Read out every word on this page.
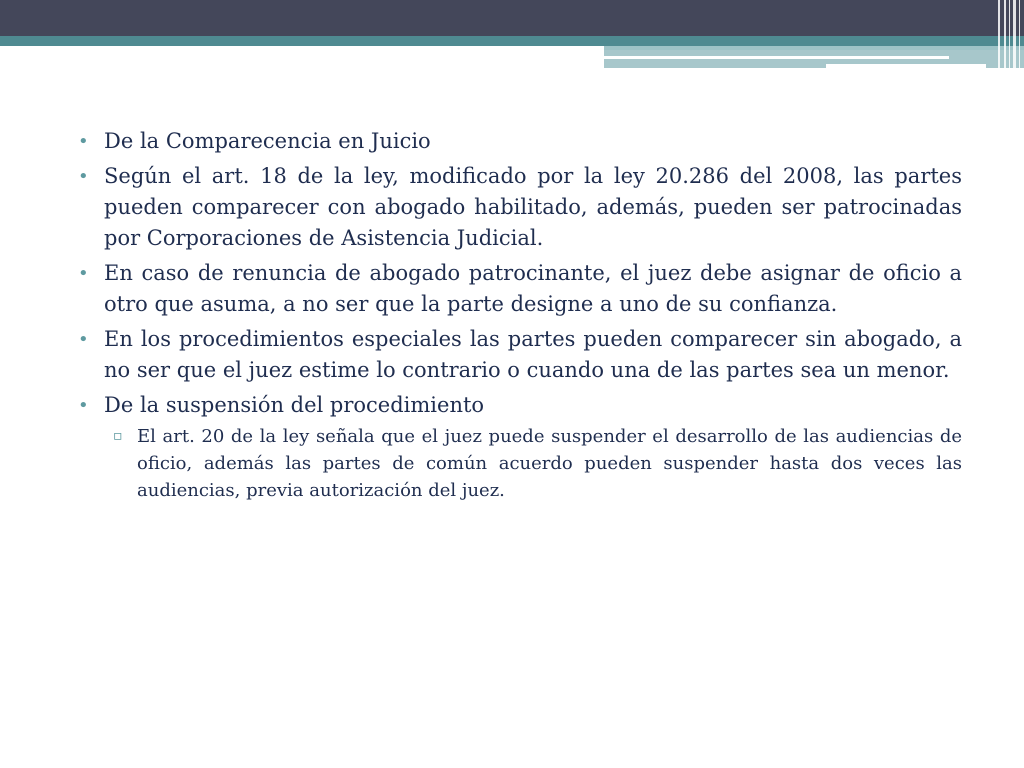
• De la Comparecencia en Juicio
• Según el art. 18 de la ley, modificado por la ley 20.286 del 2008, las partes pueden comparecer con abogado habilitado, además, pueden ser patrocinadas por Corporaciones de Asistencia Judicial.
• En caso de renuncia de abogado patrocinante, el juez debe asignar de oficio a otro que asuma, a no ser que la parte designe a uno de su confianza.
• En los procedimientos especiales las partes pueden comparecer sin abogado, a no ser que el juez estime lo contrario o cuando una de las partes sea un menor.
• De la suspensión del procedimiento
▫ El art. 20 de la ley señala que el juez puede suspender el desarrollo de las audiencias de oficio, además las partes de común acuerdo pueden suspender hasta dos veces las audiencias, previa autorización del juez.
